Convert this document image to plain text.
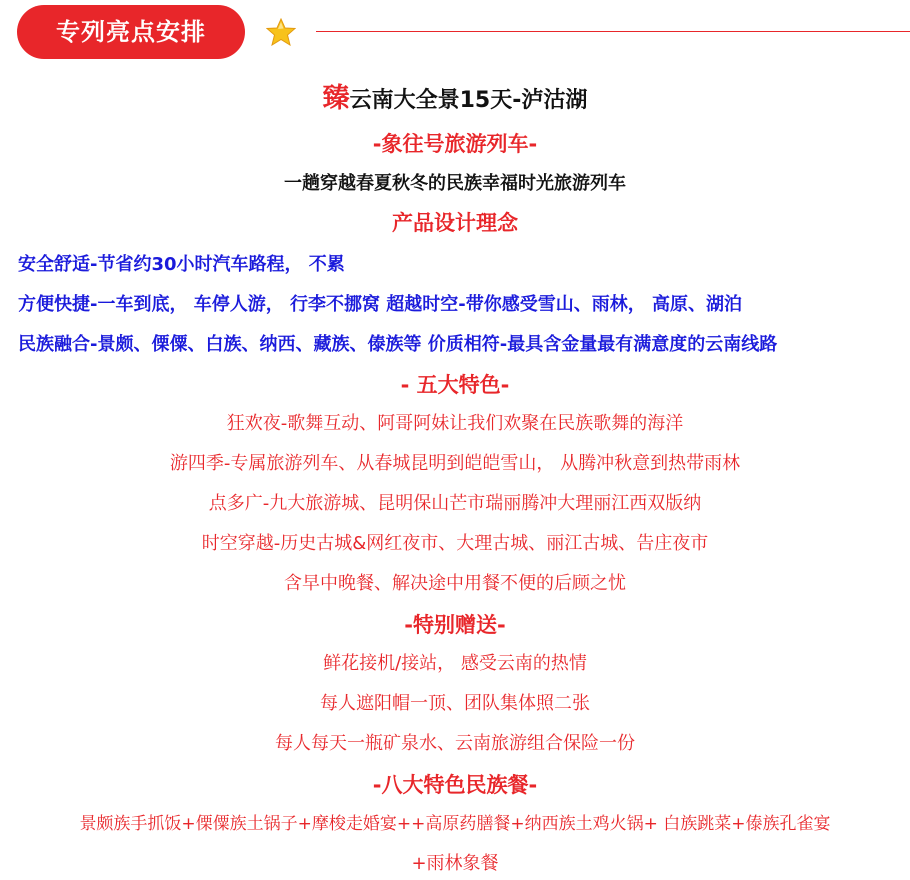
专列亮点安排
臻云南大全景15天-泸沽湖
-象往号旅游列车-
一趟穿越春夏秋冬的民族幸福时光旅游列车
产品设计理念
安全舒适-节省约30小时汽车路程， 不累
方便快捷-一车到底， 车停人游， 行李不挪窝 超越时空-带你感受雪山、雨林， 高原、湖泊
民族融合-景颇、傈僳、白族、纳西、藏族、傣族等 价质相符-最具含金量最有满意度的云南线路
- 五大特色-
狂欢夜-歌舞互动、阿哥阿妹让我们欢聚在民族歌舞的海洋
游四季-专属旅游列车、从春城昆明到皑皑雪山， 从腾冲秋意到热带雨林
点多广-九大旅游城、昆明保山芒市瑞丽腾冲大理丽江西双版纳
时空穿越-历史古城&网红夜市、大理古城、丽江古城、告庄夜市
含早中晚餐、解决途中用餐不便的后顾之忧
-特别赠送-
鲜花接机/接站， 感受云南的热情
每人遮阳帽一顶、团队集体照二张
每人每天一瓶矿泉水、云南旅游组合保险一份
-八大特色民族餐-
景颇族手抓饭+傈僳族土锅子+摩梭走婚宴++高原药膳餐+纳西族土鸡火锅+ 白族跳菜+傣族孔雀宴
+雨林象餐
